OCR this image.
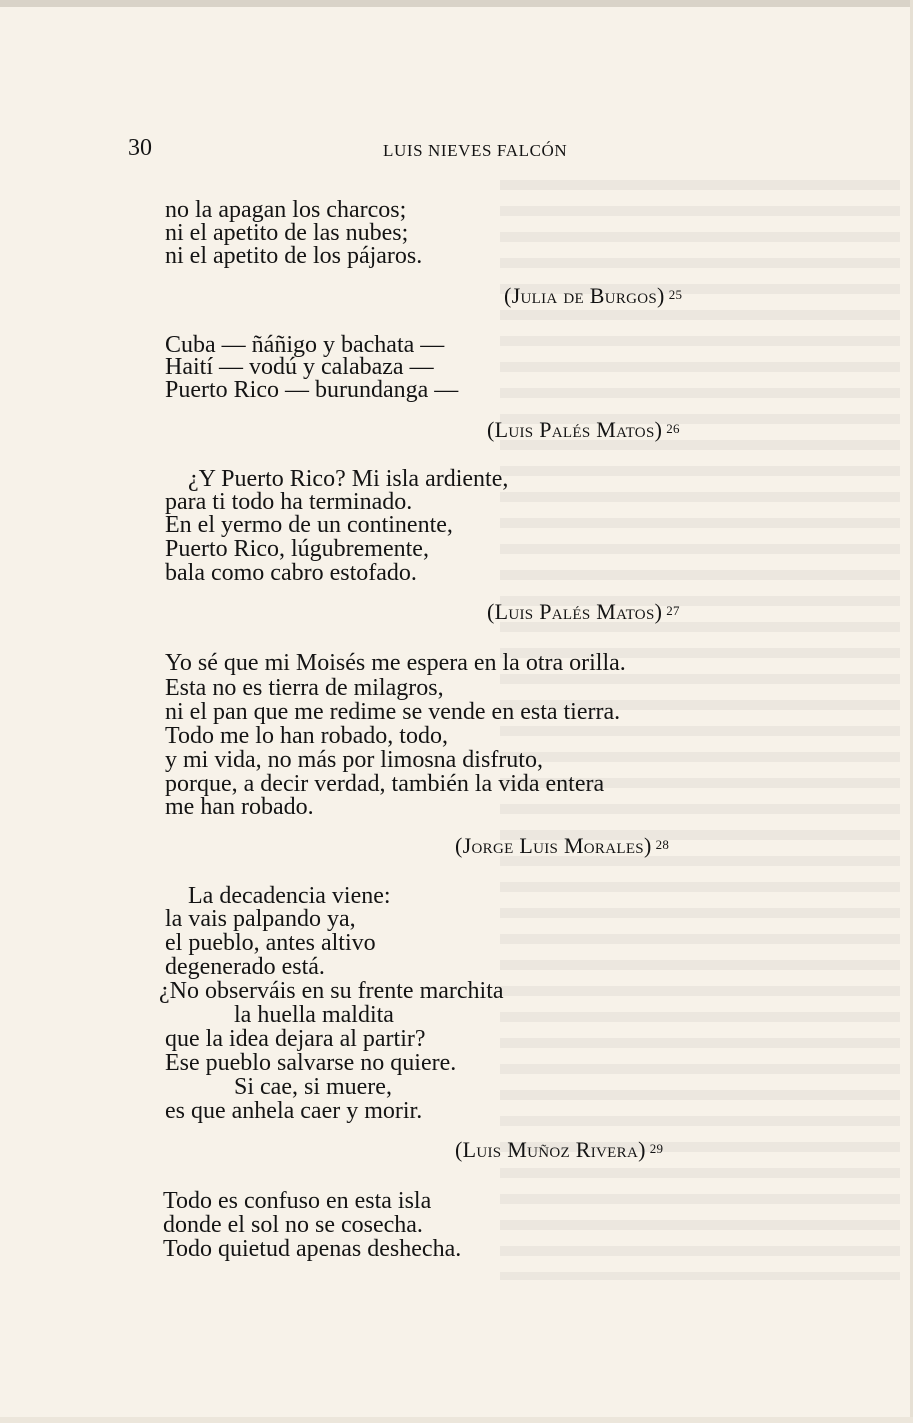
30	LUIS NIEVES FALCÓN
no la apagan los charcos;
ni el apetito de las nubes;
ni el apetito de los pájaros.
(Julia de Burgos) $^{25}$
Cuba — ñáñigo y bachata —
Haití — vodú y calabaza —
Puerto Rico — burundanga —
(Luis Palés Matos) $^{26}$
¿Y Puerto Rico? Mi isla ardiente,
para ti todo ha terminado.
En el yermo de un continente,
Puerto Rico, lúgubremente,
bala como cabro estofado.
(Luis Palés Matos) $^{27}$
Yo sé que mi Moisés me espera en la otra orilla.
Esta no es tierra de milagros,
ni el pan que me redime se vende en esta tierra.
Todo me lo han robado, todo,
y mi vida, no más por limosna disfruto,
porque, a decir verdad, también la vida entera
me han robado.
(Jorge Luis Morales) $^{28}$
La decadencia viene:
la vais palpando ya,
el pueblo, antes altivo
degenerado está.
¿No observáis en su frente marchita
la huella maldita
que la idea dejara al partir?
Ese pueblo salvarse no quiere.
Si cae, si muere,
es que anhela caer y morir.
(Luis Muñoz Rivera) $^{29}$
Todo es confuso en esta isla
donde el sol no se cosecha.
Todo quietud apenas deshecha.
